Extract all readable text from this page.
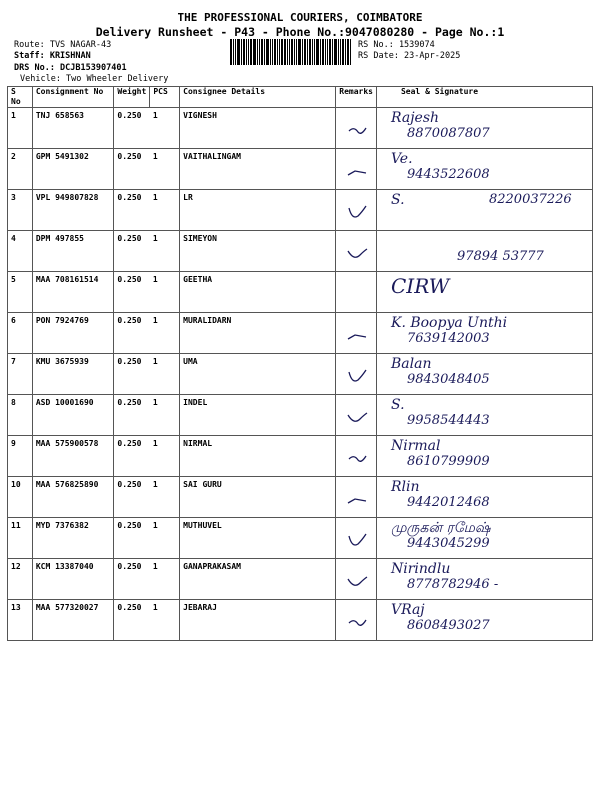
THE PROFESSIONAL COURIERS, COIMBATORE
Delivery Runsheet - P43 - Phone No.:9047080280 - Page No.:1
Route: TVS NAGAR-43
Staff: KRISHNAN
DRS No.: DCJB153907401
Vehicle: Two Wheeler Delivery
RS No.: 1539074
RS Date: 23-Apr-2025
S No	Consignment No	Weight	PCS	Consignee Details	Remarks	Seal & Signature
1	TNJ 658563	0.250	1	VIGNESH		Rajesh
8870087807

2	GPM 5491302	0.250	1	VAITHALINGAM		Ve.
9443522608

3	VPL 949807828	0.250	1	LR		S. 8220037226

4	DPM 497855	0.250	1	SIMEYON		97894 53777

5	MAA 708161514	0.250	1	GEETHA		CIRW

6	PON 7924769	0.250	1	MURALIDARN		K. Boopya Unthi
7639142003

7	KMU 3675939	0.250	1	UMA		Balan
9843048405

8	ASD 10001690	0.250	1	INDEL		S.
9958544443

9	MAA 575900578	0.250	1	NIRMAL		Nirmal
8610799909

10	MAA 576825890	0.250	1	SAI GURU		Rlin
9442012468

11	MYD 7376382	0.250	1	MUTHUVEL		முருகன் ரமேஷ்
9443045299

12	KCM 13387040	0.250	1	GANAPRAKASAM		Nirindlu
8778782946 -

13	MAA 577320027	0.250	1	JEBARAJ		VRaj
8608493027
